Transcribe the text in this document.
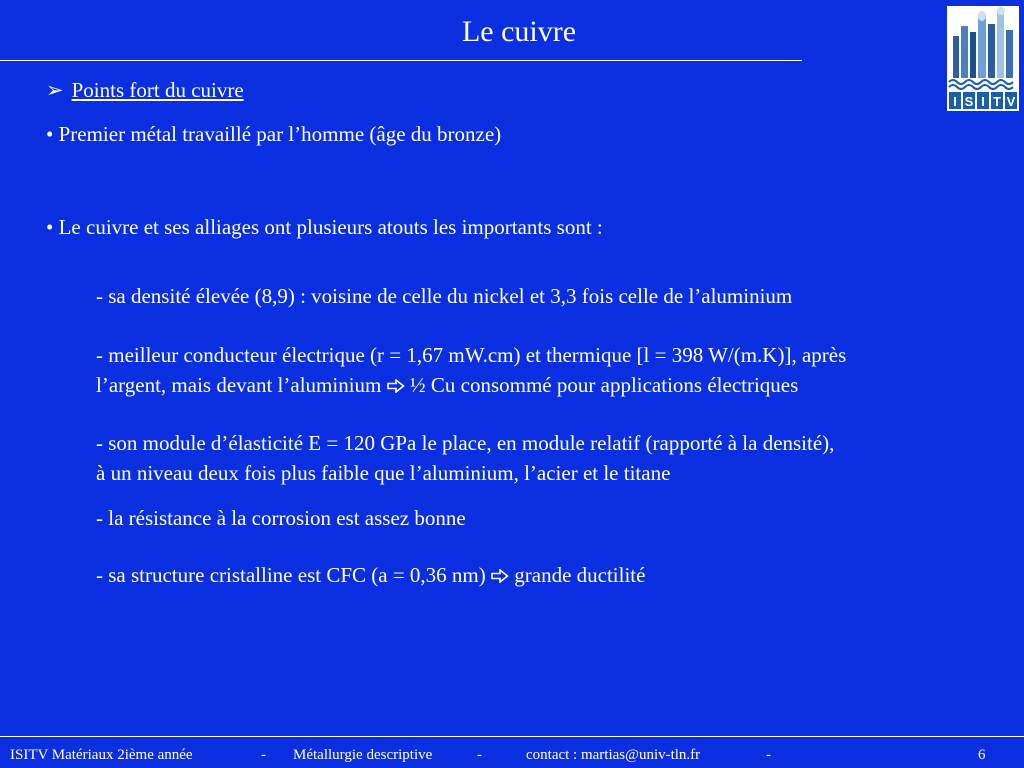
Le cuivre
I S I T V
➢ Points fort du cuivre
• Premier métal travaillé par l’homme (âge du bronze)
• Le cuivre et ses alliages ont plusieurs atouts les importants sont :
- sa densité élevée (8,9) : voisine de celle du nickel et 3,3 fois celle de l’aluminium
- meilleur conducteur électrique (r = 1,67 mW.cm) et thermique [l = 398 W/(m.K)], après
l’argent, mais devant l’aluminium ½ Cu consommé pour applications électriques
- son module d’élasticité E = 120 GPa le place, en module relatif (rapporté à la densité),
à un niveau deux fois plus faible que l’aluminium, l’acier et le titane
- la résistance à la corrosion est assez bonne
- sa structure cristalline est CFC (a = 0,36 nm) grande ductilité
ISITV Matériaux 2ième année	- Métallurgie descriptive	-	contact : martias@univ-tln.fr	-	6
